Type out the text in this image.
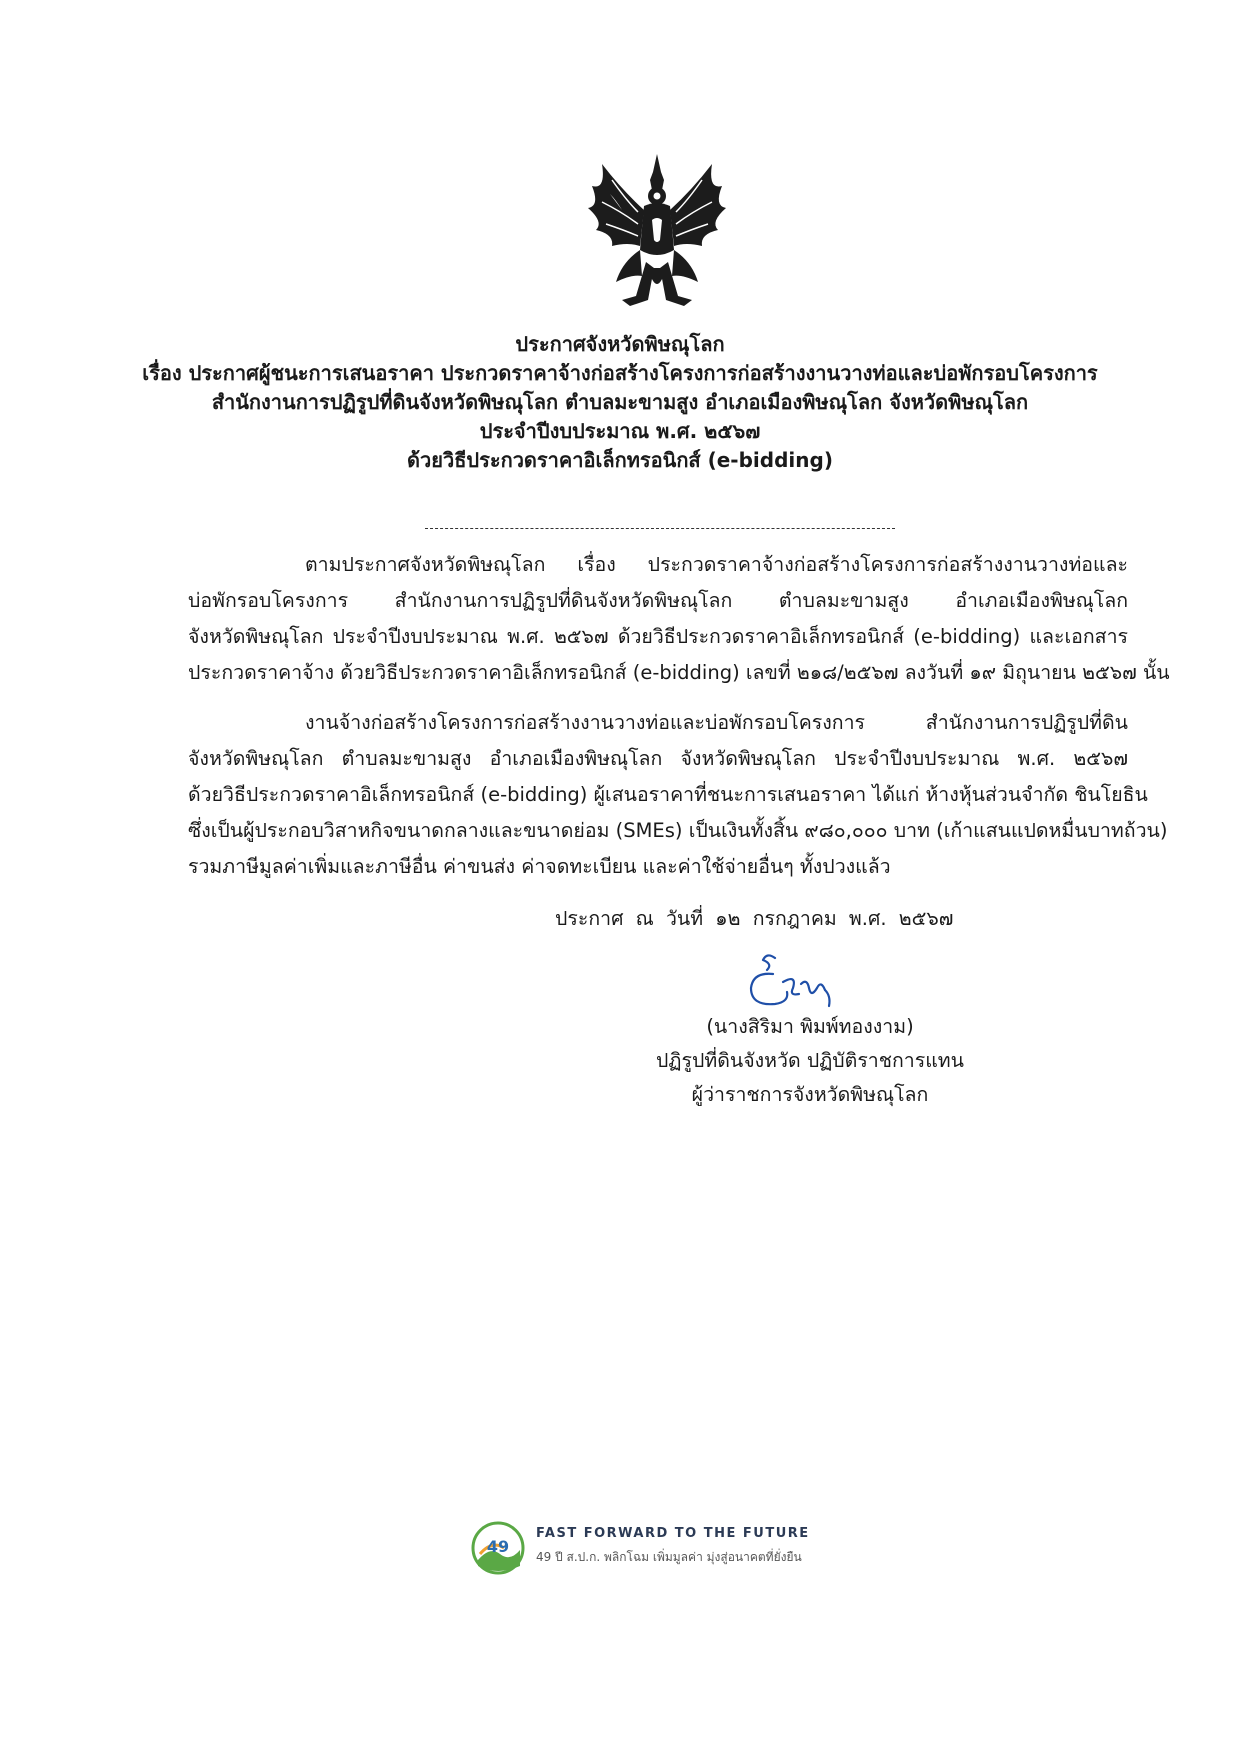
ประกาศจังหวัดพิษณุโลก
เรื่อง ประกาศผู้ชนะการเสนอราคา ประกวดราคาจ้างก่อสร้างโครงการก่อสร้างงานวางท่อและบ่อพักรอบโครงการ
สำนักงานการปฏิรูปที่ดินจังหวัดพิษณุโลก ตำบลมะขามสูง อำเภอเมืองพิษณุโลก จังหวัดพิษณุโลก
ประจำปีงบประมาณ พ.ศ. ๒๕๖๗
ด้วยวิธีประกวดราคาอิเล็กทรอนิกส์ (e-bidding)
ตามประกาศจังหวัดพิษณุโลก เรื่อง ประกวดราคาจ้างก่อสร้างโครงการก่อสร้างงานวางท่อและ
บ่อพักรอบโครงการ สำนักงานการปฏิรูปที่ดินจังหวัดพิษณุโลก ตำบลมะขามสูง อำเภอเมืองพิษณุโลก
จังหวัดพิษณุโลก ประจำปีงบประมาณ พ.ศ. ๒๕๖๗ ด้วยวิธีประกวดราคาอิเล็กทรอนิกส์ (e-bidding) และเอกสาร
ประกวดราคาจ้าง ด้วยวิธีประกวดราคาอิเล็กทรอนิกส์ (e-bidding) เลขที่ ๒๑๘/๒๕๖๗ ลงวันที่ ๑๙ มิถุนายน ๒๕๖๗ นั้น
งานจ้างก่อสร้างโครงการก่อสร้างงานวางท่อและบ่อพักรอบโครงการ สำนักงานการปฏิรูปที่ดิน
จังหวัดพิษณุโลก ตำบลมะขามสูง อำเภอเมืองพิษณุโลก จังหวัดพิษณุโลก ประจำปีงบประมาณ พ.ศ. ๒๕๖๗
ด้วยวิธีประกวดราคาอิเล็กทรอนิกส์ (e-bidding) ผู้เสนอราคาที่ชนะการเสนอราคา ได้แก่ ห้างหุ้นส่วนจำกัด ชินโยธิน
ซึ่งเป็นผู้ประกอบวิสาหกิจขนาดกลางและขนาดย่อม (SMEs) เป็นเงินทั้งสิ้น ๙๘๐,๐๐๐ บาท (เก้าแสนแปดหมื่นบาทถ้วน)
รวมภาษีมูลค่าเพิ่มและภาษีอื่น ค่าขนส่ง ค่าจดทะเบียน และค่าใช้จ่ายอื่นๆ ทั้งปวงแล้ว
ประกาศ ณ วันที่ ๑๒ กรกฎาคม พ.ศ. ๒๕๖๗
(นางสิริมา พิมพ์ทองงาม)
ปฏิรูปที่ดินจังหวัด ปฏิบัติราชการแทน
ผู้ว่าราชการจังหวัดพิษณุโลก
49
FAST FORWARD TO THE FUTURE
49 ปี ส.ป.ก. พลิกโฉม เพิ่มมูลค่า มุ่งสู่อนาคตที่ยั่งยืน
